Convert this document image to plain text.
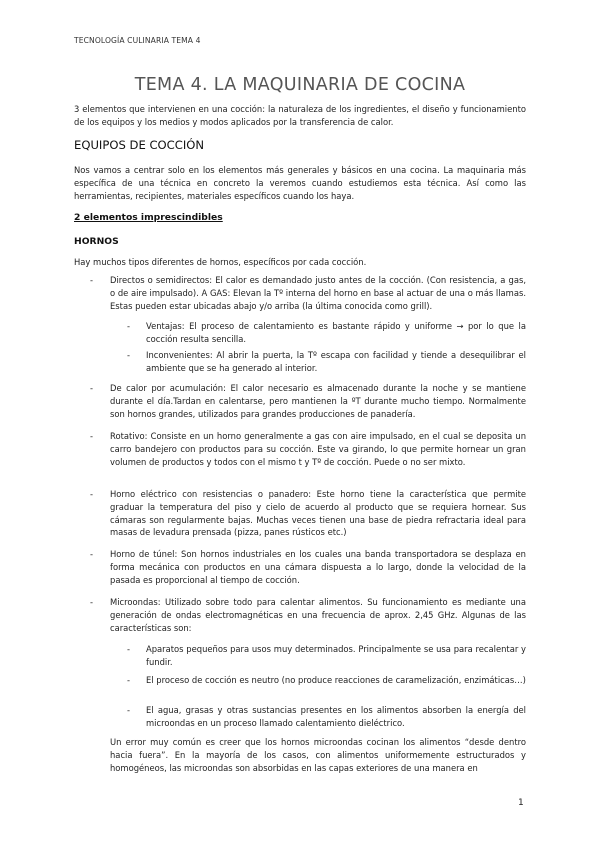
TECNOLOGÍA CULINARIA TEMA 4
TEMA 4. LA MAQUINARIA DE COCINA
3 elementos que intervienen en una cocción: la naturaleza de los ingredientes, el diseño y funcionamiento de los equipos y los medios y modos aplicados por la transferencia de calor.
EQUIPOS DE COCCIÓN
Nos vamos a centrar solo en los elementos más generales y básicos en una cocina. La maquinaria más específica de una técnica en concreto la veremos cuando estudiemos esta técnica. Así como las herramientas, recipientes, materiales específicos cuando los haya.
2 elementos imprescindibles
HORNOS
Hay muchos tipos diferentes de hornos, específicos por cada cocción.
- Directos o semidirectos: El calor es demandado justo antes de la cocción. (Con resistencia, a gas, o de aire impulsado). A GAS: Elevan la Tº interna del horno en base al actuar de una o más llamas. Estas pueden estar ubicadas abajo y/o arriba (la última conocida como grill).
- Ventajas: El proceso de calentamiento es bastante rápido y uniforme → por lo que la cocción resulta sencilla.
- Inconvenientes: Al abrir la puerta, la Tº escapa con facilidad y tiende a desequilibrar el ambiente que se ha generado al interior.
- De calor por acumulación: El calor necesario es almacenado durante la noche y se mantiene durante el día.Tardan en calentarse, pero mantienen la ºT durante mucho tiempo. Normalmente son hornos grandes, utilizados para grandes producciones de panadería.
- Rotativo: Consiste en un horno generalmente a gas con aire impulsado, en el cual se deposita un carro bandejero con productos para su cocción. Este va girando, lo que permite hornear un gran volumen de productos y todos con el mismo t y Tº de cocción. Puede o no ser mixto.
- Horno eléctrico con resistencias o panadero: Este horno tiene la característica que permite graduar la temperatura del piso y cielo de acuerdo al producto que se requiera hornear. Sus cámaras son regularmente bajas. Muchas veces tienen una base de piedra refractaria ideal para masas de levadura prensada (pizza, panes rústicos etc.)
- Horno de túnel: Son hornos industriales en los cuales una banda transportadora se desplaza en forma mecánica con productos en una cámara dispuesta a lo largo, donde la velocidad de la pasada es proporcional al tiempo de cocción.
- Microondas: Utilizado sobre todo para calentar alimentos. Su funcionamiento es mediante una generación de ondas electromagnéticas en una frecuencia de aprox. 2,45 GHz. Algunas de las características son:
- Aparatos pequeños para usos muy determinados. Principalmente se usa para recalentar y fundir.
- El proceso de cocción es neutro (no produce reacciones de caramelización, enzimáticas…)
- El agua, grasas y otras sustancias presentes en los alimentos absorben la energía del microondas en un proceso llamado calentamiento dieléctrico.
Un error muy común es creer que los hornos microondas cocinan los alimentos “desde dentro hacia fuera”. En la mayoría de los casos, con alimentos uniformemente estructurados y homogéneos, las microondas son absorbidas en las capas exteriores de una manera en
1
